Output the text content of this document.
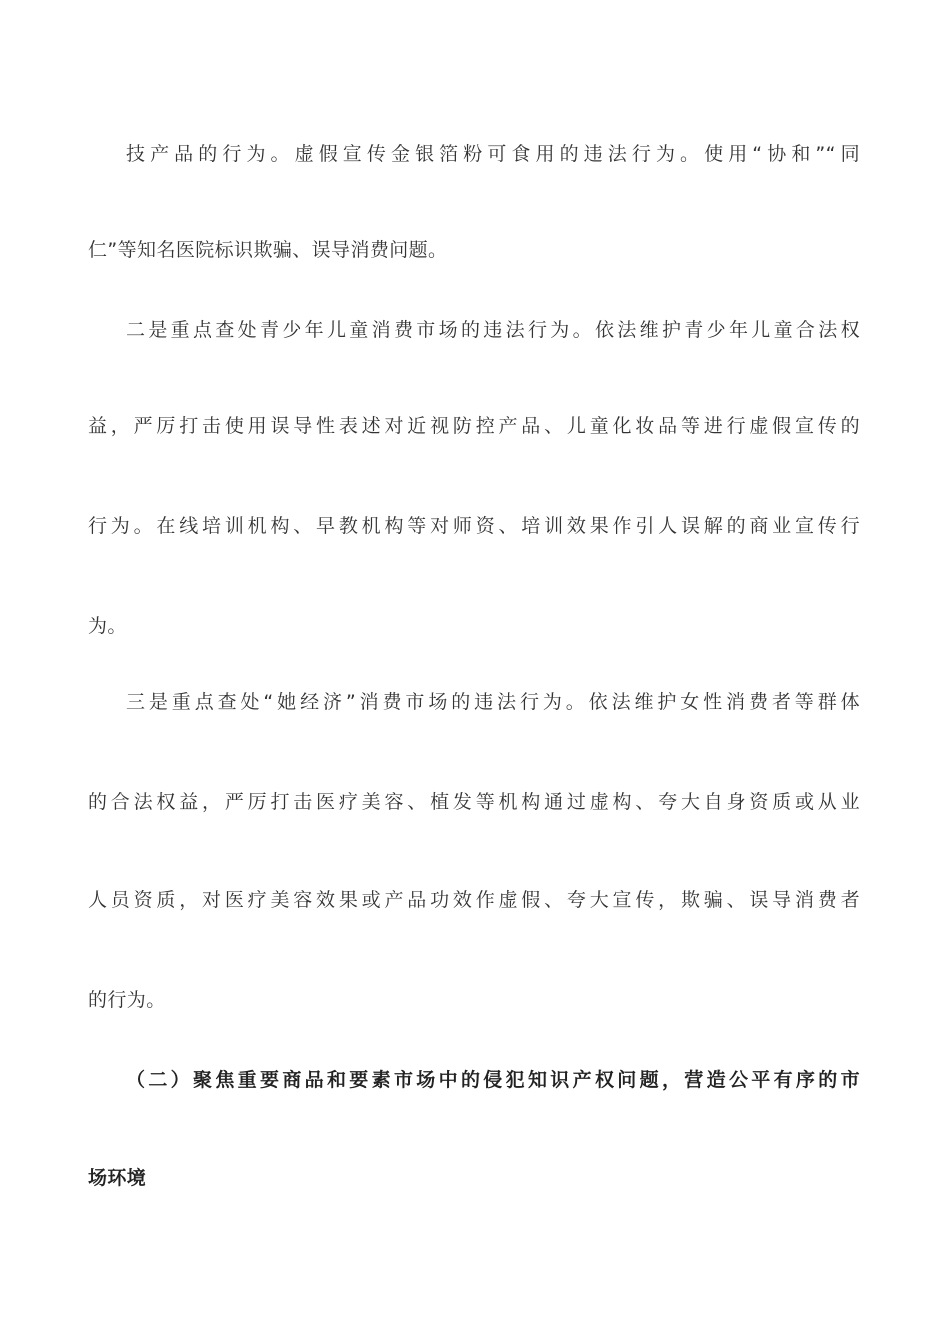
技产品的行为。虚假宣传金银箔粉可食用的违法行为。使用“协和”“同
仁”等知名医院标识欺骗、误导消费问题。
二是重点查处青少年儿童消费市场的违法行为。依法维护青少年儿童合法权
益，严厉打击使用误导性表述对近视防控产品、儿童化妆品等进行虚假宣传的
行为。在线培训机构、早教机构等对师资、培训效果作引人误解的商业宣传行
为。
三是重点查处“她经济”消费市场的违法行为。依法维护女性消费者等群体
的合法权益，严厉打击医疗美容、植发等机构通过虚构、夸大自身资质或从业
人员资质，对医疗美容效果或产品功效作虚假、夸大宣传，欺骗、误导消费者
的行为。
（二）聚焦重要商品和要素市场中的侵犯知识产权问题，营造公平有序的市
场环境
